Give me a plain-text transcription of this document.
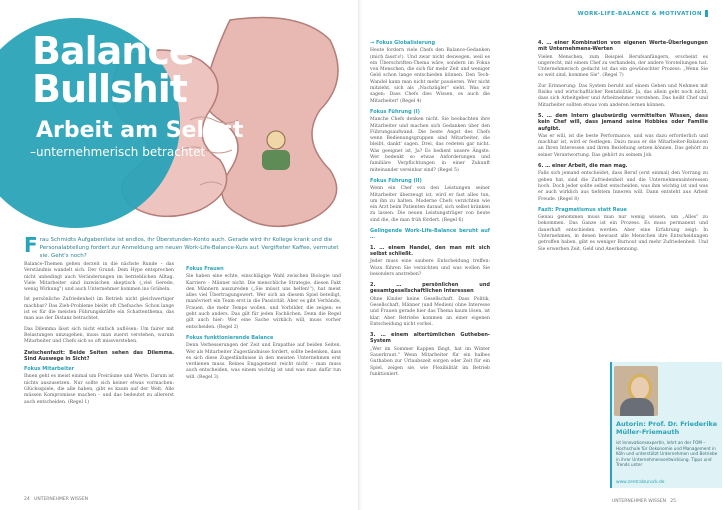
Balance Bullshit
Arbeit am Selbst
–unternehmerisch betrachtet
Frau Schmidts Aufgabenliste ist endlos, ihr Überstunden-Konto auch. Gerade wird ihr Kollege krank und die Personalabteilung fordert zur Anmeldung am neuen Work-Life-Balance-Kurs auf. Vergifteter Kaffee, vermutet sie. Geht's noch?

Balance-Themen gehen derzeit in die nächste Runde – das Verständnis wandelt sich. Der Grund: Dem Hype entsprechen nicht unbedingt auch Veränderungen im betrieblichen Alltag. Viele Mitarbeiter sind inzwischen skeptisch („viel Gerede, wenig Wirkung") und auch Unternehmer kommen ins Grübeln.

Ist persönliche Zufriedenheit im Betrieb nicht gleichwertiger machbar? Das Zieh-Probleme bleibt oft Chefsache: Schon lange ist es für die meisten Führungskräfte ein Schattenthema, das man aus der Distanz betrachtet.

Das Dilemma lässt sich nicht einfach auflösen: Um fairer mit Belastungen umzugehen, muss man zuerst verstehen, warum Mitarbeiter und Chefs sich so oft missverstehen.

Zwischenfazit: Beide Seiten sehen das Dilemma. Sind Auswege in Sicht?
Fokus Mitarbeiter

Ihnen geht es meist einmal um Freiräume und Werte. Darum ist nichts auszusetzen. Nur sollte sich keiner etwas vormachen: Glücksspiele, die alle haben, gibt es kaum auf der Welt. Alle müssen Kompromisse machen – und das bedeutet zu allererst auch entscheiden. (Regel 1)

Fokus Frauen

Sie haben eine echte, einschlägige Wahl zwischen Biologie und Karriere – Männer nicht. Die menschliche Strategie, diesen Fakt den Männern auszureden („Sie müsst uns helfen!"), hat meist alles viel Übertragungswert. Wer sich an diesem Spiel beteiligt, manövriert ein Team erst in die Passivität. Aber es gibt Verbände, Frauen, die mehr Tempo wollen, und Vorbilder, die zeigen: es geht auch anders. Das gilt für jeden Fachlichen. Denn die Regel gilt auch hier: Wer eine Sache wirklich will, muss vorher entscheiden. (Regel 2)

Fokus funktionierende Balance

Denn Verbesserungen der Zeit und Empathie auf beiden Seiten. Wer als Mitarbeiter Zugeständnisse fordert, sollte bedenken, dass es sich diese Zugeständnisse in den meisten Unternehmen erst verdienen muss. Reines Engagement reicht nicht – man muss auch entscheiden, was einem wichtig ist und was man dafür tun will. (Regel 3)

24 UNTERNEHMER WISSEN
WORK-LIFE-BALANCE & MOTIVATION
→ Fokus Globalisierung

Heute fordern viele Chefs den Balance-Gedanken (mich fasst's!). Und zwar nicht deswegen, weil es ein Überschriften-Thema wäre, sondern im Fokus von Menschen, die sich für mehr Zeit und weniger Geld schon lange entschieden können. Den Tech-Wandel kann man nicht mehr pausieren. Wer nicht mitzieht, sich als „Nachzügler“ sieht. Was wir sagen: Dass Chefs dies Wissen, es auch die Mitarbeiter! (Regel 4)

Fokus Führung (I)

Manche Chefs denken nicht. Sie beobachten ihre Mitarbeiter und machen sich Gedanken über den Führungsaufwand. Die beste Angst des Chefs wenn Bedienungsgruppen sind Mitarbeiter, die bleibt, dankt' sagen. Drei, das redeten gar nicht. Was geeignet ist, Ja? Es bedient unsere Ängste. Wer bedenkt so etwas Anforderungen und familiäre Verpflichtungen in einer Zukunft miteinander vereinbar sind? (Regel 5)

Fokus Führung (II)

Wenn ein Chef von den Leistungen seiner Mitarbeiter überzeugt ist, wird er fast alles tun, um ihn zu halten. Moderne Chefs verzichten wie ein Arzt beim Patienten darauf, sich selbst kränken zu lassen. Die neuen Leistungsträger von heute sind die, die man früh fördert. (Regel 6)

Gelingende Work-Life-Balance beruht auf …
1. … einem Handel, den man mit sich selbst schließt.

Jeder muss eine saubere Entscheidung treffen: Wozu führen Sie verzichten und was wollen Sie besonders anstreben?

2. … persönlichen und gesamtgesellschaftlichen Interessen

Ohne Kinder keine Gesellschaft. Dass Politik, Gesellschaft, Männer (und Medien) ohne Interesse und Frauen gerade hier das Thema kaum lösen, ist klar. Aber Betriebe kommen an einer eigenen Entscheidung nicht vorbei.

3. … einem altertümlichen Gutheben-System

„Wer im Sommer Kappen fängt, hat im Winter Sauerkraut." Wenn Mitarbeiter für ein halbes Guthaben zur Urlaubszeit sorgen oder Zeit für ein Spiel, zeigen sie, wie Flexibilität im Betrieb funktioniert.

4. … einer Kombination von eigenen Werte-Überlegungen mit Unternehmens-Werten

Vielen Menschen, zum Beispiel Berufsanfängern, erscheint es ungerecht, mit einem Chef zu verhandeln, der andere Vorstellungen hat. Unternehmerisch gedacht ist das ein gewünschter Prozess: „Wenn Sie so weit sind, kommen Sie". (Regel 7)

Zur Erinnerung: Das System beruht auf einem Geben und Nehmen mit Risiko und wirtschaftlicher Rentabilität. Ja, das allein geht noch nicht, dass sich Arbeitgeber und Arbeitnehmer verstehen. Das heißt Chef und Mitarbeiter sollten etwas vom anderen lernen können.

5. … dem Intern glaubwürdig vermittelten Wissen, dass kein Chef will, dass jemand seine Hobbies oder Familie aufgibt.

Was er will, ist die beste Performance, und was dazu erforderlich und machbar ist, wird er festlegen. Dazu muss er die Mitarbeiter-Balancen an Ihren Interessen und ihren Beziehung setzen können. Das gehört zu seiner Verantwortung. Das gehört zu seinem Job.

6. … einer Arbeit, die man mag.

Falls sich jemand entscheidet, dass Beruf (erst einmal) den Vorrang zu geben hat, sind die Zufriedenheit und die Unternehmensinteressen hoch. Doch jeder sollte selbst entscheiden, was ihm wichtig ist und was er auch wirklich aus tiefstem Inneren will. Dann entsteht aus Arbeit Freude. (Regel 8)

Fazit: Pragmatismus statt Reue

Genau genommen muss man nur wenig wissen, um „Alles" zu bekommen. Das Ganze ist ein Prozess. Es muss permanent und dauerhaft entschieden werden. Aber eine Erfahrung zeigt: In Unternehmen, in denen bewusst alle Menschen ihre Entscheidungen getroffen haben, gibt es weniger Burnout und mehr Zufriedenheit. Und Sie erwerben Zeit, Geld und Anerkennung.

Autorin: Prof. Dr. Friederike Müller-Friemauth
ist Innovationsexpertin, lehrt an der FOM – Hochschule für Oekonomie und Management in Köln und unterstützt Unternehmen und Betriebe in ihrer Unternehmensentwicklung. Tipps und Trends unter
www.zentralzuruck.de
UNTERNEHMER WISSEN 25
